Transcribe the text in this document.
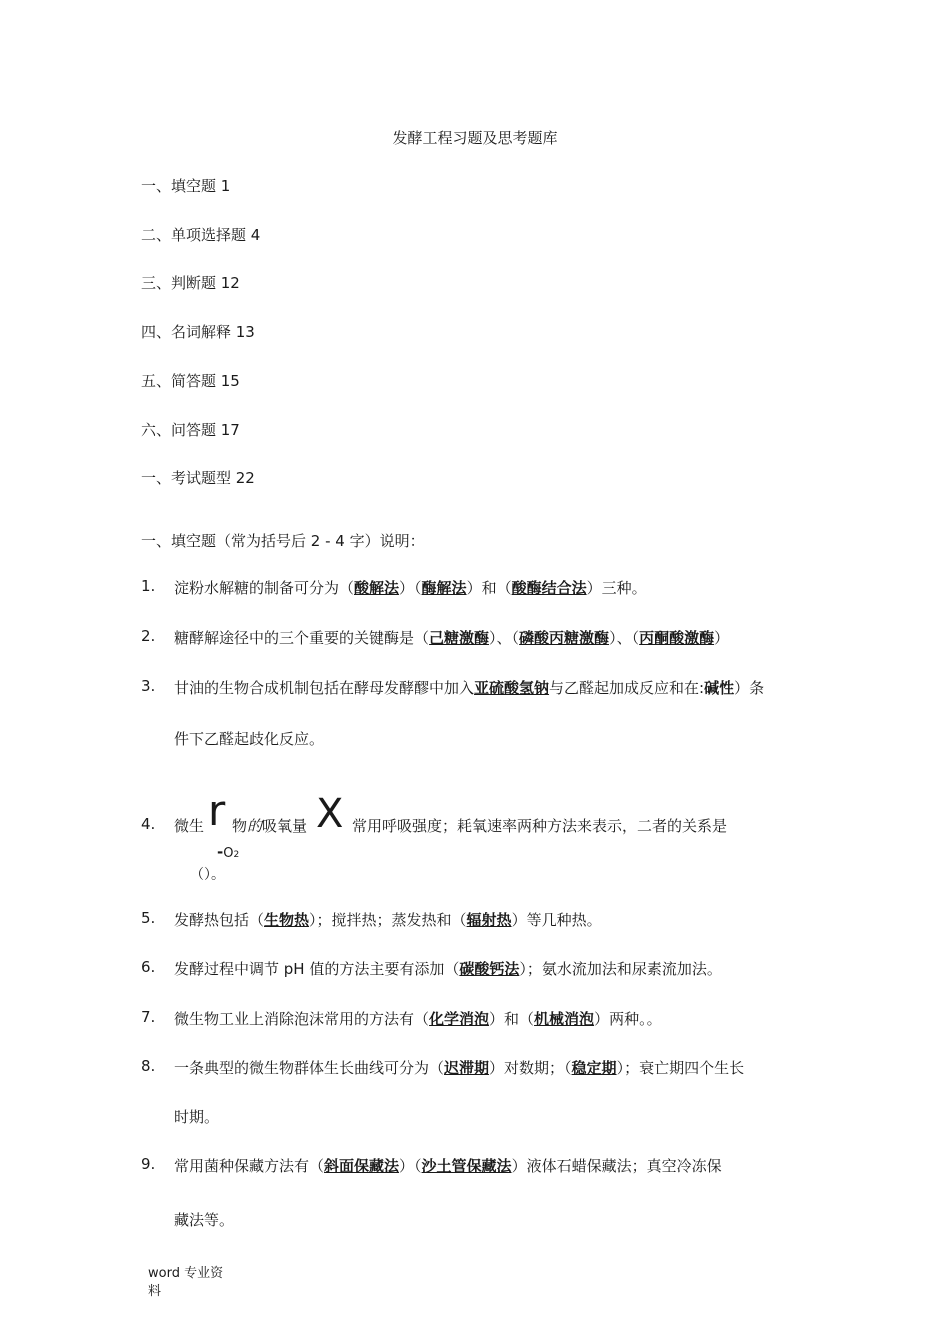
发酵工程习题及思考题库
一、填空题 1
二、单项选择题 4
三、判断题 12
四、名词解释 13
五、简答题 15
六、问答题 17
一、考试题型 22
一、填空题（常为括号后 2 - 4 字）说明：
1. 淀粉水解糖的制备可分为（酸解法）（酶解法）和（酸酶结合法）三种。
2. 糖酵解途径中的三个重要的关键酶是（己糖激酶）、（磷酸丙糖激酶）、（丙酮酸激酶）
3. 甘油的生物合成机制包括在酵母发酵醪中加入亚硫酸氢钠与乙醛起加成反应和在:碱性）条
件下乙醛起歧化反应。
4. 微生 r 物的吸氧量 X 常用呼吸强度；耗氧速率两种方法来表示，二者的关系是
-O2
（）。
5. 发酵热包括（生物热）；搅拌热；蒸发热和（辐射热）等几种热。
6. 发酵过程中调节 pH 值的方法主要有添加（碳酸钙法）；氨水流加法和尿素流加法。
7. 微生物工业上消除泡沫常用的方法有（化学消泡）和（机械消泡）两种。。
8. 一条典型的微生物群体生长曲线可分为（迟滞期）对数期；（稳定期）；衰亡期四个生长
时期。
9. 常用菌种保藏方法有（斜面保藏法）（沙土管保藏法）液体石蜡保藏法；真空冷冻保
藏法等。
word 专业资
料
